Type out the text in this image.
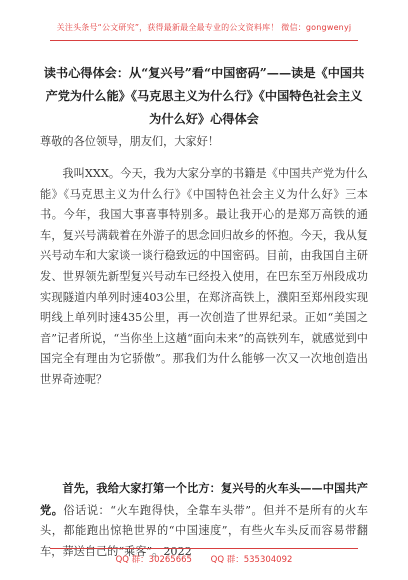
关注头条号“公文研究”，获得最新最全最专业的公文资料库！ 微信：gongwenyj
读书心得体会：从“复兴号”看“中国密码”——读是《中国共产党为什么能》《马克思主义为什么行》《中国特色社会主义为什么好》心得体会
尊敬的各位领导，朋友们，大家好！
我叫XXX。今天，我为大家分享的书籍是《中国共产党为什么能》《马克思主义为什么行》《中国特色社会主义为什么好》三本书。今年，我国大事喜事特别多。最让我开心的是郑万高铁的通车，复兴号满载着在外游子的思念回归故乡的怀抱。今天，我从复兴号动车和大家谈一谈行稳致远的中国密码。目前，由我国自主研发、世界领先新型复兴号动车已经投入使用，在巴东至万州段成功实现隧道内单列时速403公里，在郑济高铁上，濮阳至郑州段实现明线上单列时速435公里，再一次创造了世界纪录。正如“美国之音”记者所说，“当你坐上这趟“面向未来”的高铁列车，就感觉到中国完全有理由为它骄傲”。那我们为什么能够一次又一次地创造出世界奇迹呢？
首先，我给大家打第一个比方：复兴号的火车头——中国共产党。俗话说：“火车跑得快，全靠车头带”。但并不是所有的火车头，都能跑出惊艳世界的“中国速度”，有些火车头反而容易带翻车，葬送自己的“乘客”。2022
QQ 群：30265665 QQ 群：535304092
